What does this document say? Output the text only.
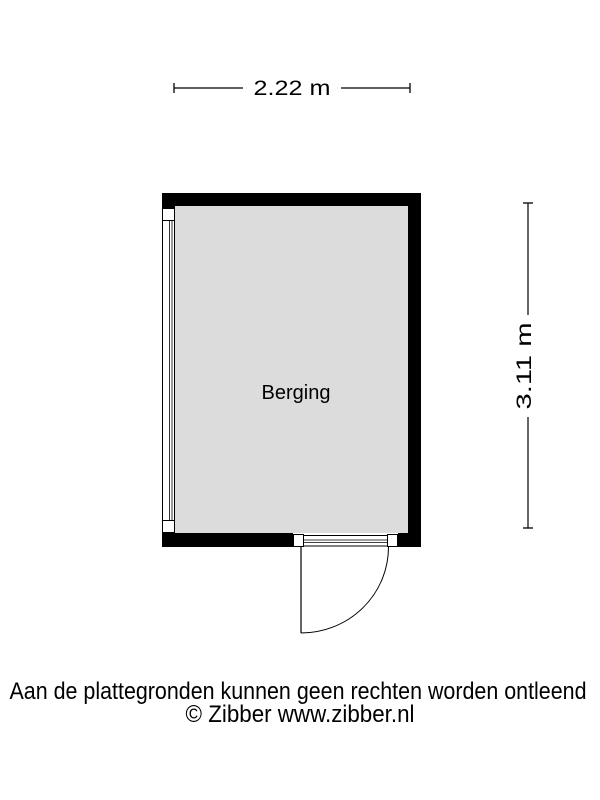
2.22 m
3.11 m
Berging
Aan de plattegronden kunnen geen rechten worden ontleend
© Zibber www.zibber.nl
